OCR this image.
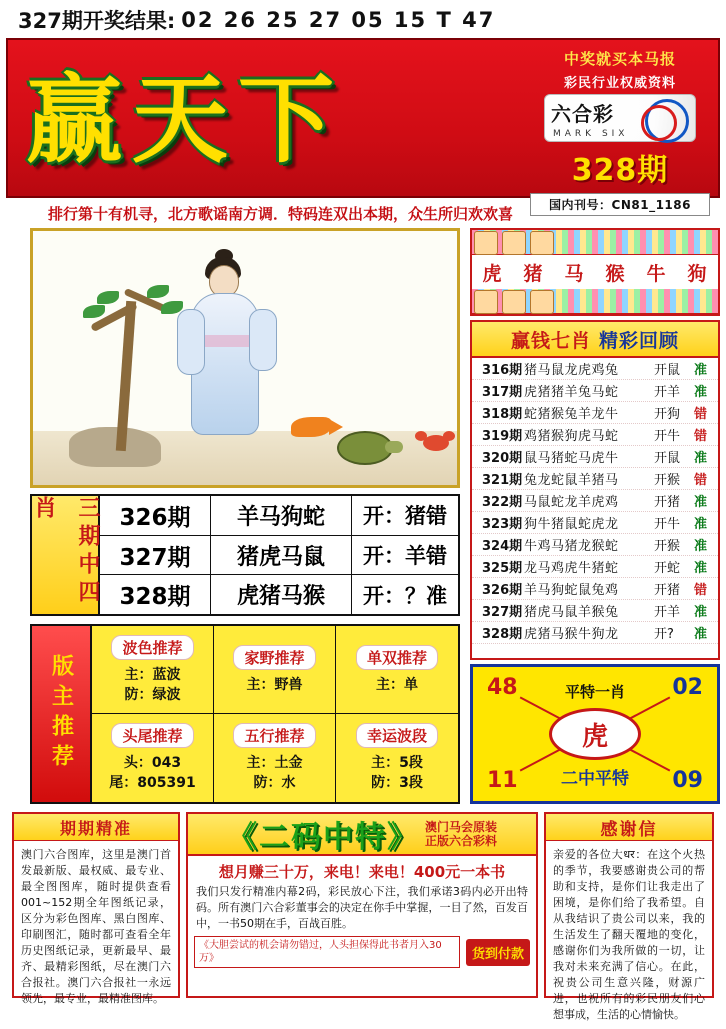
327期开奖结果: 02 26 25 27 05 15 T 47
赢天下
中奖就买本马报
彩民行业权威资料
六合彩
MARK SIX
328期
国内刊号：CN81_1186
排行第十有机寻，北方歌谣南方调．特码连双出本期，众生所归欢欢喜
虎 猪 马 猴 牛 狗
赢钱七肖 精彩回顾
316期 猪马鼠龙虎鸡兔	开鼠	准
317期 虎猪猪羊兔马蛇	开羊	准
318期 蛇猪猴兔羊龙牛	开狗	错
319期 鸡猪猴狗虎马蛇	开牛	错
320期 鼠马猪蛇马虎牛	开鼠	准
321期 兔龙蛇鼠羊猪马	开猴	错
322期 马鼠蛇龙羊虎鸡	开猪	准
323期 狗牛猪鼠蛇虎龙	开牛	准
324期 牛鸡马猪龙猴蛇	开猴	准
325期 龙马鸡虎牛猪蛇	开蛇	准
326期 羊马狗蛇鼠兔鸡	开猪	错
327期 猪虎马鼠羊猴兔	开羊	准
328期 虎猪马猴牛狗龙	开?	准
三期中四肖	326期	羊马狗蛇	开：猪错
327期	猪虎马鼠	开：羊错
328期	虎猪马猴	开：？准
版主推荐
波色推荐
主：蓝波
防：绿波
家野推荐
主：野兽
单双推荐
主：单
头尾推荐
头：043
尾：805391
五行推荐
主：土金
防：水
幸运波段
主：5段
防：3段
48	02
11	09
平特一肖
虎
二中平特
期期精准
澳门六合图库，这里是澳门首发最新版、最权威、最专业、最全图图库，随时提供查看001~152期全年图纸记录，区分为彩色图库、黑白图库、印刷图汇，随时都可查看全年历史图纸记录，更新最早、最齐、最精彩图纸，尽在澳门六合报社。澳门六合报社一永远领先，最专业，最精准图库。
《二码中特》 澳门马会原装
正版六合彩料
想月赚三十万，来电！来电！400元一本书
我们只发行精准内幕2码，彩民放心下注，我们承诺3码内必开出特码。所有澳门六合彩董事会的决定在你手中掌握，一目了然，百发百中，一书50期在手，百战百胜。
《大胆尝试的机会请勿错过，人头担保得此书者月入30万》	货到付款
感谢信
亲爱的各位大धर：在这个火热的季节，我要感谢贵公司的帮助和支持，是你们让我走出了困境，是你们给了我希望。自从我结识了贵公司以来，我的生活发生了翻天覆地的变化，感谢你们为我所做的一切，让我对未来充满了信心。在此，祝贵公司生意兴隆，财源广进，也祝所有的彩民朋友们心想事成，生活的心情愉快。
